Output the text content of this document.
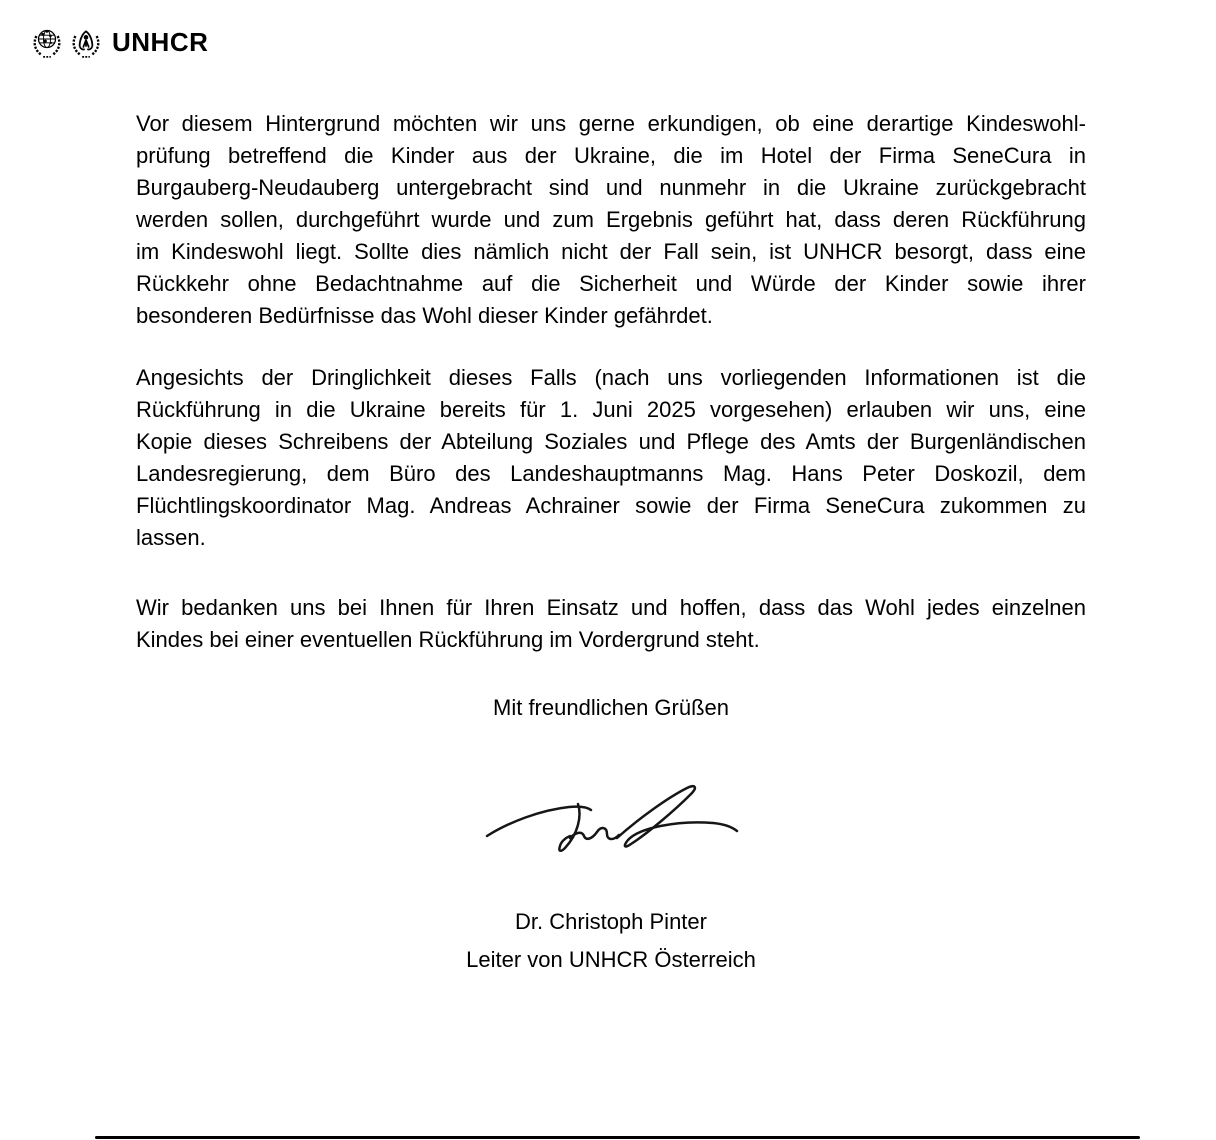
UNHCR
Vor diesem Hintergrund möchten wir uns gerne erkundigen, ob eine derartige Kindeswohl-
prüfung betreffend die Kinder aus der Ukraine, die im Hotel der Firma SeneCura in
Burgauberg-Neudauberg untergebracht sind und nunmehr in die Ukraine zurückgebracht
werden sollen, durchgeführt wurde und zum Ergebnis geführt hat, dass deren Rückführung
im Kindeswohl liegt. Sollte dies nämlich nicht der Fall sein, ist UNHCR besorgt, dass eine
Rückkehr ohne Bedachtnahme auf die Sicherheit und Würde der Kinder sowie ihrer
besonderen Bedürfnisse das Wohl dieser Kinder gefährdet.
Angesichts der Dringlichkeit dieses Falls (nach uns vorliegenden Informationen ist die
Rückführung in die Ukraine bereits für 1. Juni 2025 vorgesehen) erlauben wir uns, eine
Kopie dieses Schreibens der Abteilung Soziales und Pflege des Amts der Burgenländischen
Landesregierung, dem Büro des Landeshauptmanns Mag. Hans Peter Doskozil, dem
Flüchtlingskoordinator Mag. Andreas Achrainer sowie der Firma SeneCura zukommen zu
lassen.
Wir bedanken uns bei Ihnen für Ihren Einsatz und hoffen, dass das Wohl jedes einzelnen
Kindes bei einer eventuellen Rückführung im Vordergrund steht.
Mit freundlichen Grüßen
Dr. Christoph Pinter
Leiter von UNHCR Österreich
